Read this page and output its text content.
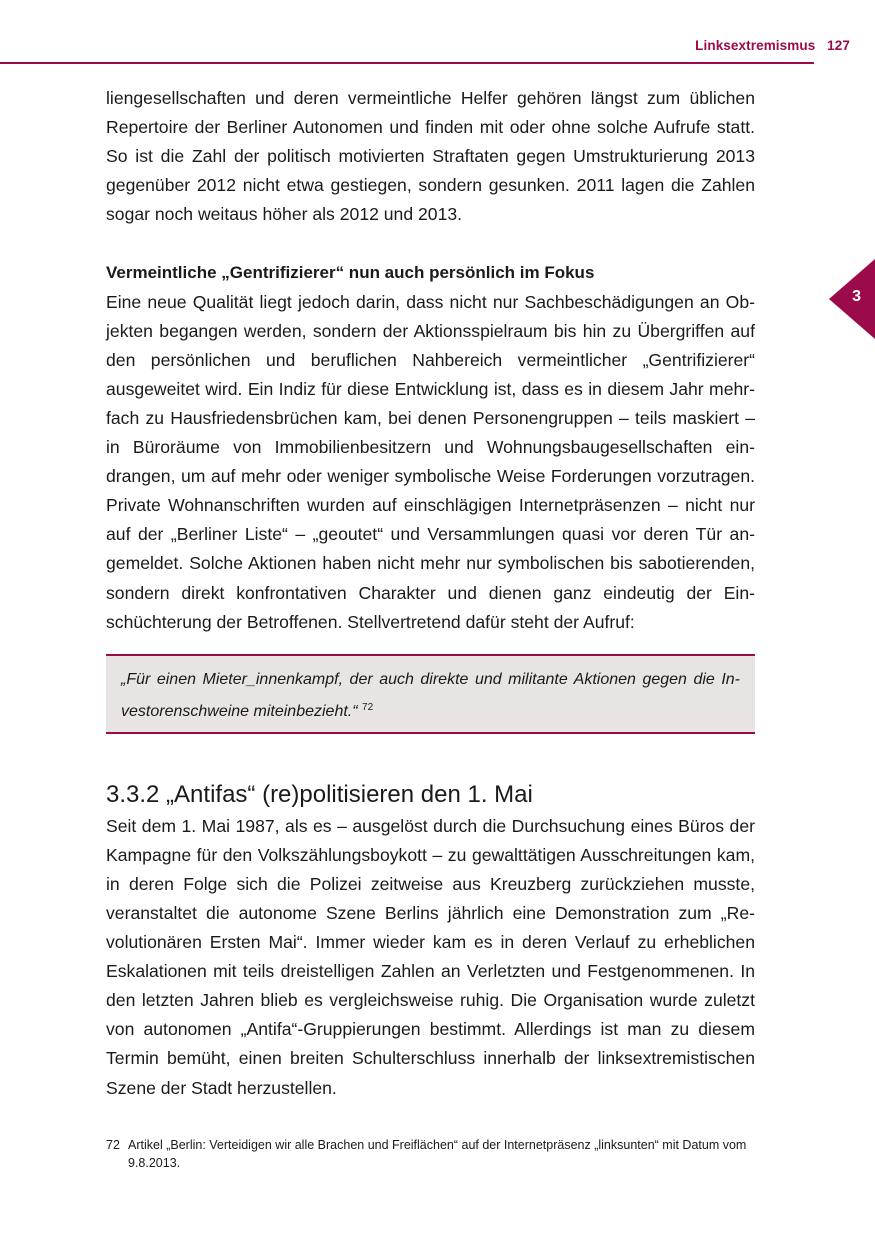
Linksextremismus 127
3

liengesellschaften und deren vermeintliche Helfer gehören längst zum üblichen Repertoire der Berliner Autonomen und finden mit oder ohne solche Aufrufe statt. So ist die Zahl der politisch motivierten Straftaten gegen Umstrukturierung 2013 gegenüber 2012 nicht etwa gestiegen, sondern gesunken. 2011 lagen die Zahlen sogar noch weitaus höher als 2012 und 2013.

Vermeintliche „Gentrifizierer“ nun auch persönlich im Fokus

Eine neue Qualität liegt jedoch darin, dass nicht nur Sachbeschädigungen an Objekten begangen werden, sondern der Aktionsspielraum bis hin zu Übergriffen auf den persönlichen und beruflichen Nahbereich vermeintlicher „Gentrifizierer“ ausgeweitet wird. Ein Indiz für diese Entwicklung ist, dass es in diesem Jahr mehrfach zu Hausfriedensbrüchen kam, bei denen Personengruppen – teils maskiert – in Büroräume von Immobilienbesitzern und Wohnungsbaugesellschaften eindrangen, um auf mehr oder weniger symbolische Weise Forderungen vorzutragen. Private Wohnanschriften wurden auf einschlägigen Internetpräsenzen – nicht nur auf der „Berliner Liste“ – „geoutet“ und Versammlungen quasi vor deren Tür angemeldet. Solche Aktionen haben nicht mehr nur symbolischen bis sabotierenden, sondern direkt konfrontativen Charakter und dienen ganz eindeutig der Einschüchterung der Betroffenen. Stellvertretend dafür steht der Aufruf:

„Für einen Mieter_innenkampf, der auch direkte und militante Aktionen gegen die Investorenschweine miteinbezieht.“ $^{72}$

3.3.2 „Antifas“ (re)politisieren den 1. Mai

Seit dem 1. Mai 1987, als es – ausgelöst durch die Durchsuchung eines Büros der Kampagne für den Volkszählungsboykott – zu gewalttätigen Ausschreitungen kam, in deren Folge sich die Polizei zeitweise aus Kreuzberg zurückziehen musste, veranstaltet die autonome Szene Berlins jährlich eine Demonstration zum „Revolutionären Ersten Mai“. Immer wieder kam es in deren Verlauf zu erheblichen Eskalationen mit teils dreistelligen Zahlen an Verletzten und Festgenommenen. In den letzten Jahren blieb es vergleichsweise ruhig. Die Organisation wurde zuletzt von autonomen „Antifa“-Gruppierungen bestimmt. Allerdings ist man zu diesem Termin bemüht, einen breiten Schulterschluss innerhalb der linksextremistischen Szene der Stadt herzustellen.

72 Artikel „Berlin: Verteidigen wir alle Brachen und Freiflächen“ auf der Internetpräsenz „linksunten“ mit Datum vom 9.8.2013.
